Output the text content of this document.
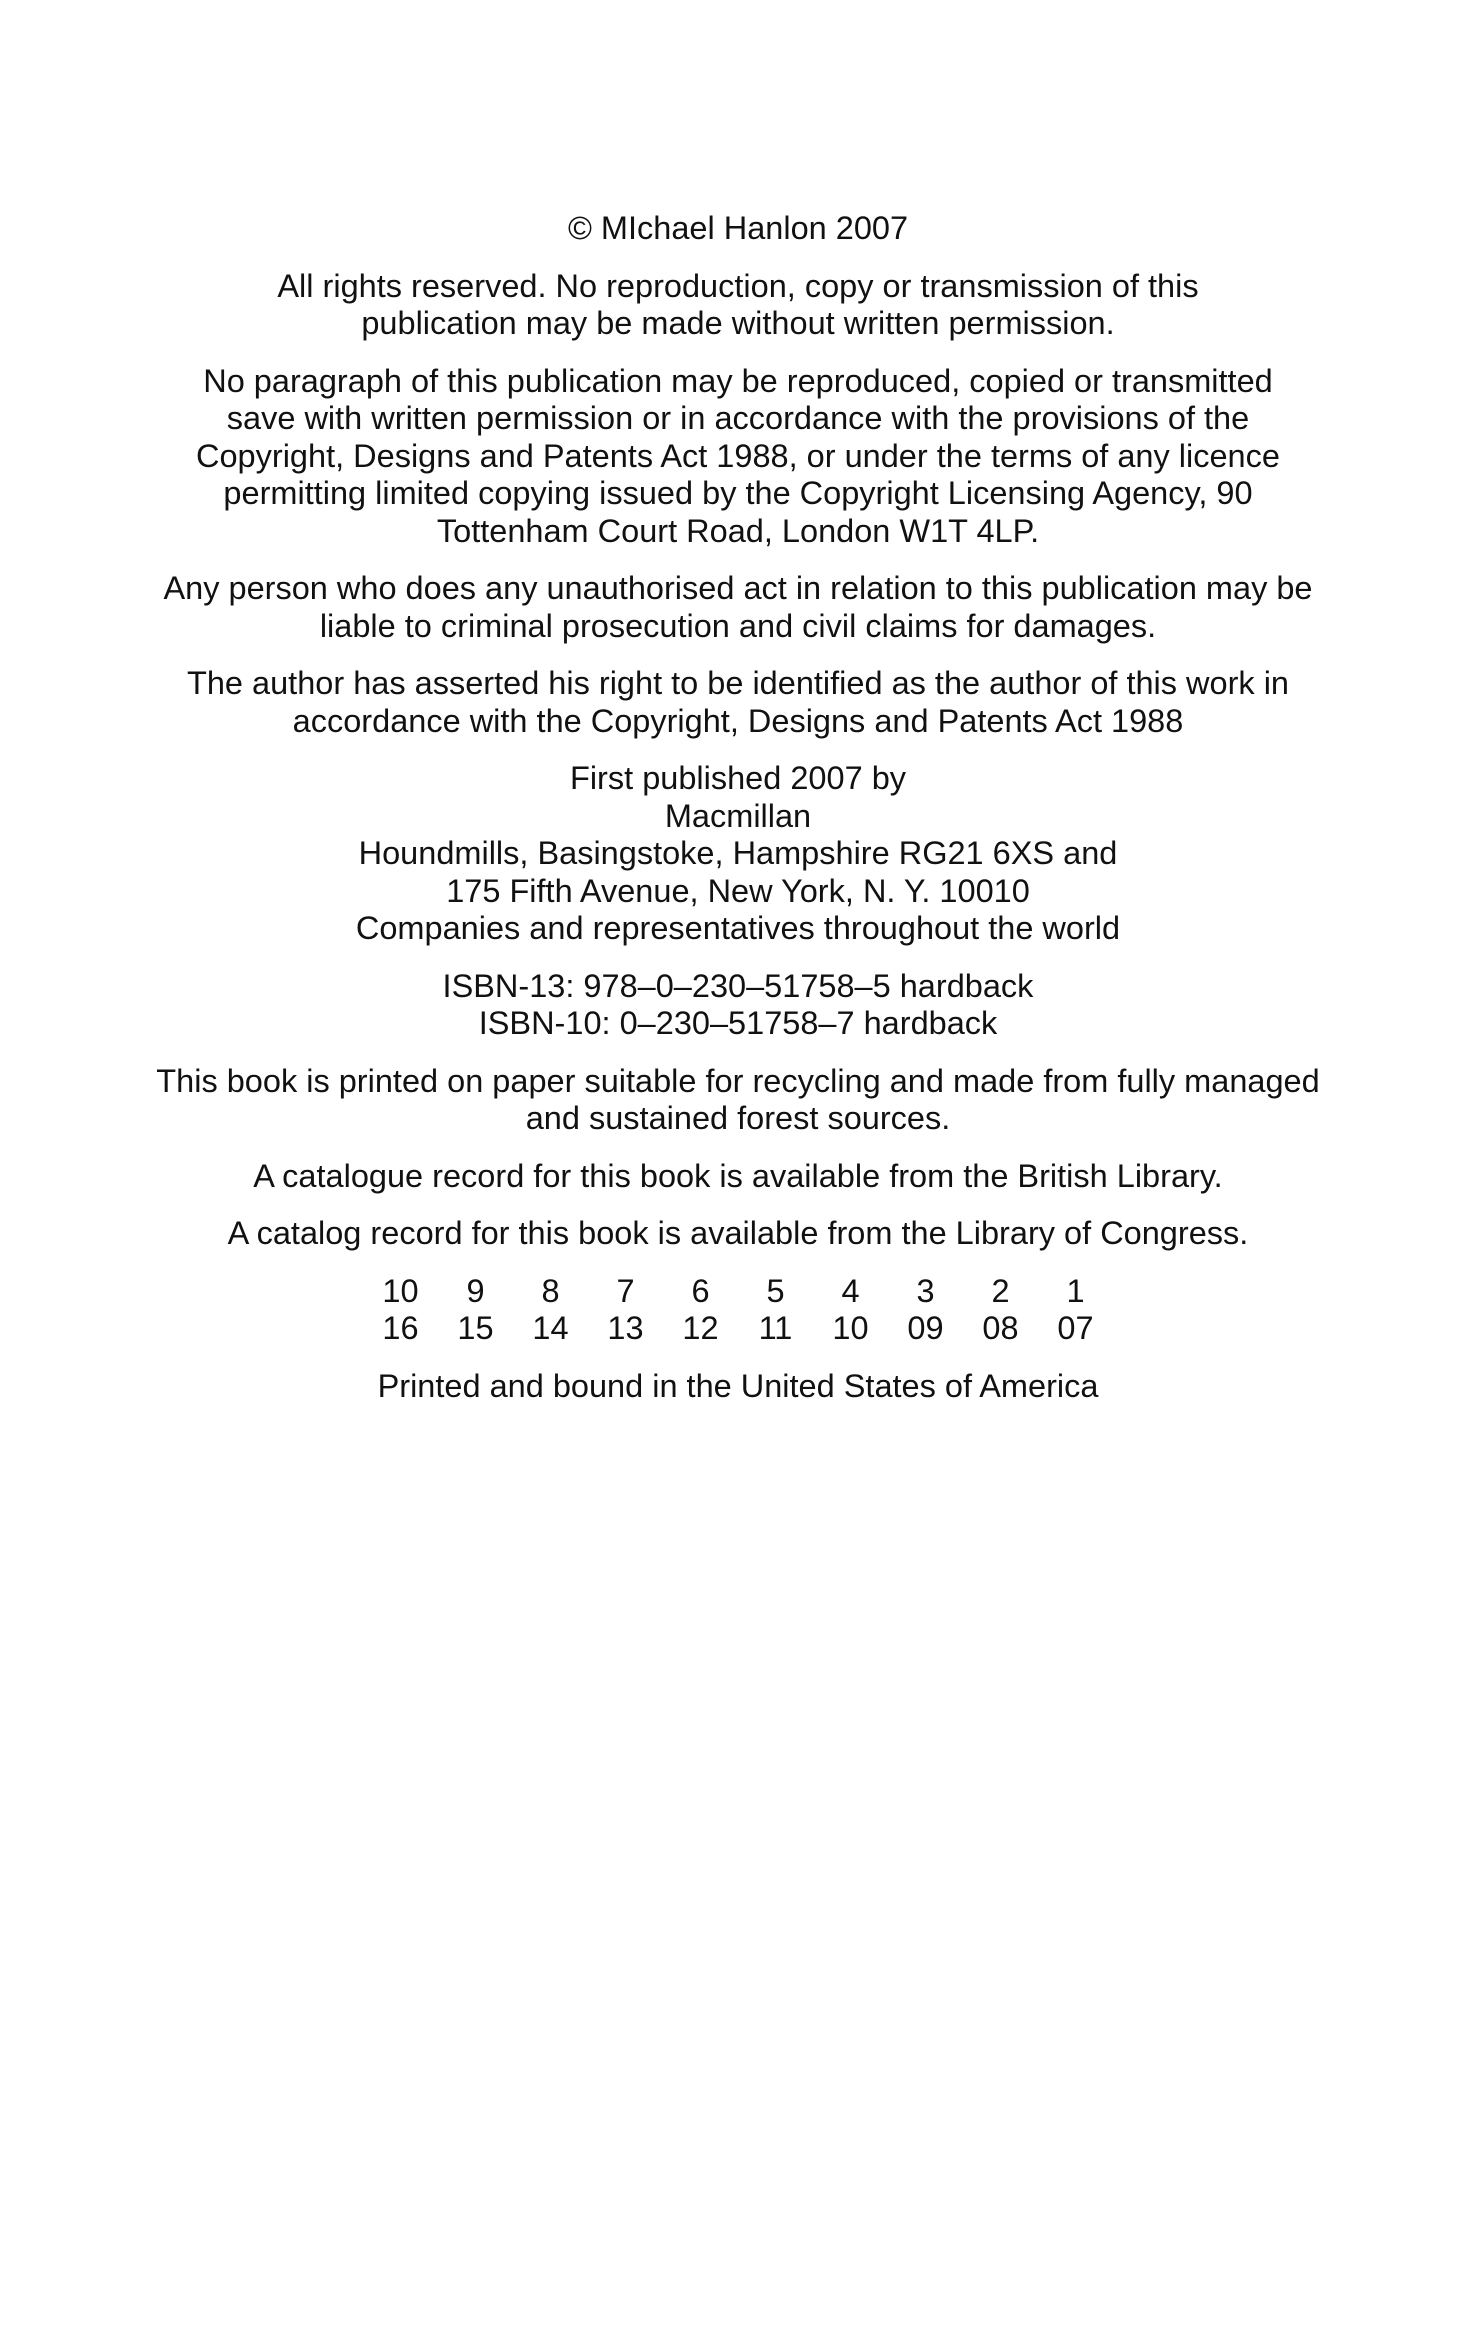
© MIchael Hanlon 2007
All rights reserved. No reproduction, copy or transmission of this
publication may be made without written permission.
No paragraph of this publication may be reproduced, copied or transmitted
save with written permission or in accordance with the provisions of the
Copyright, Designs and Patents Act 1988, or under the terms of any licence
permitting limited copying issued by the Copyright Licensing Agency, 90
Tottenham Court Road, London W1T 4LP.
Any person who does any unauthorised act in relation to this publication may be
liable to criminal prosecution and civil claims for damages.
The author has asserted his right to be identified as the author of this work in
accordance with the Copyright, Designs and Patents Act 1988
First published 2007 by
Macmillan
Houndmills, Basingstoke, Hampshire RG21 6XS and
175 Fifth Avenue, New York, N. Y. 10010
Companies and representatives throughout the world
ISBN-13: 978–0–230–51758–5 hardback
ISBN-10: 0–230–51758–7 hardback
This book is printed on paper suitable for recycling and made from fully managed
and sustained forest sources.
A catalogue record for this book is available from the British Library.
A catalog record for this book is available from the Library of Congress.
10	9	8	7	6	5	4	3	2	1
16	15	14	13	12	11	10	09	08	07
Printed and bound in the United States of America
